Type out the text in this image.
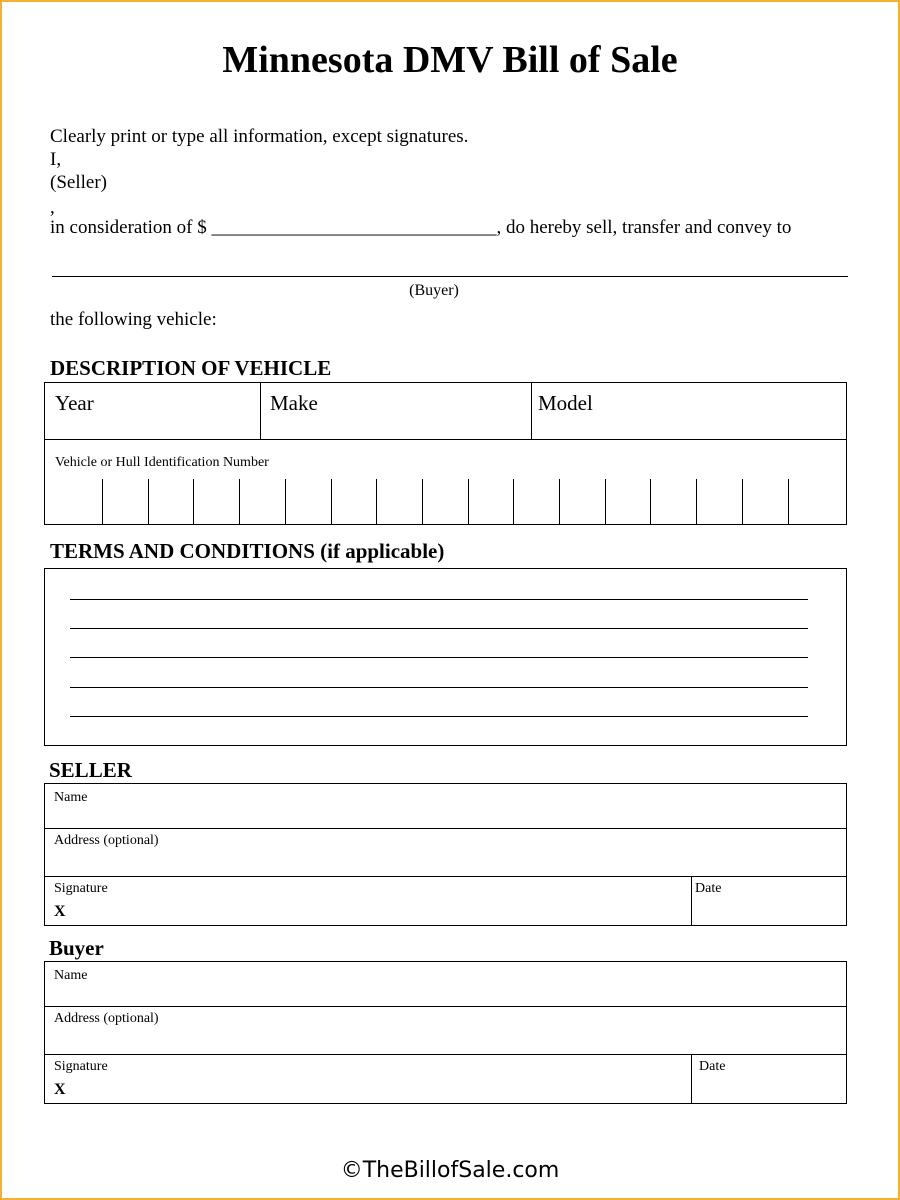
Minnesota DMV Bill of Sale
Clearly print or type all information, except signatures.
I,
(Seller)
,
in consideration of $ ______________________________, do hereby sell, transfer and convey to
(Buyer)
the following vehicle:
DESCRIPTION OF VEHICLE
Year	Make	Model
Vehicle or Hull Identification Number
TERMS AND CONDITIONS (if applicable)
SELLER
Name
Address (optional)
Signature
X
Date
Buyer
Name
Address (optional)
Signature
X
Date
©TheBillofSale.com
